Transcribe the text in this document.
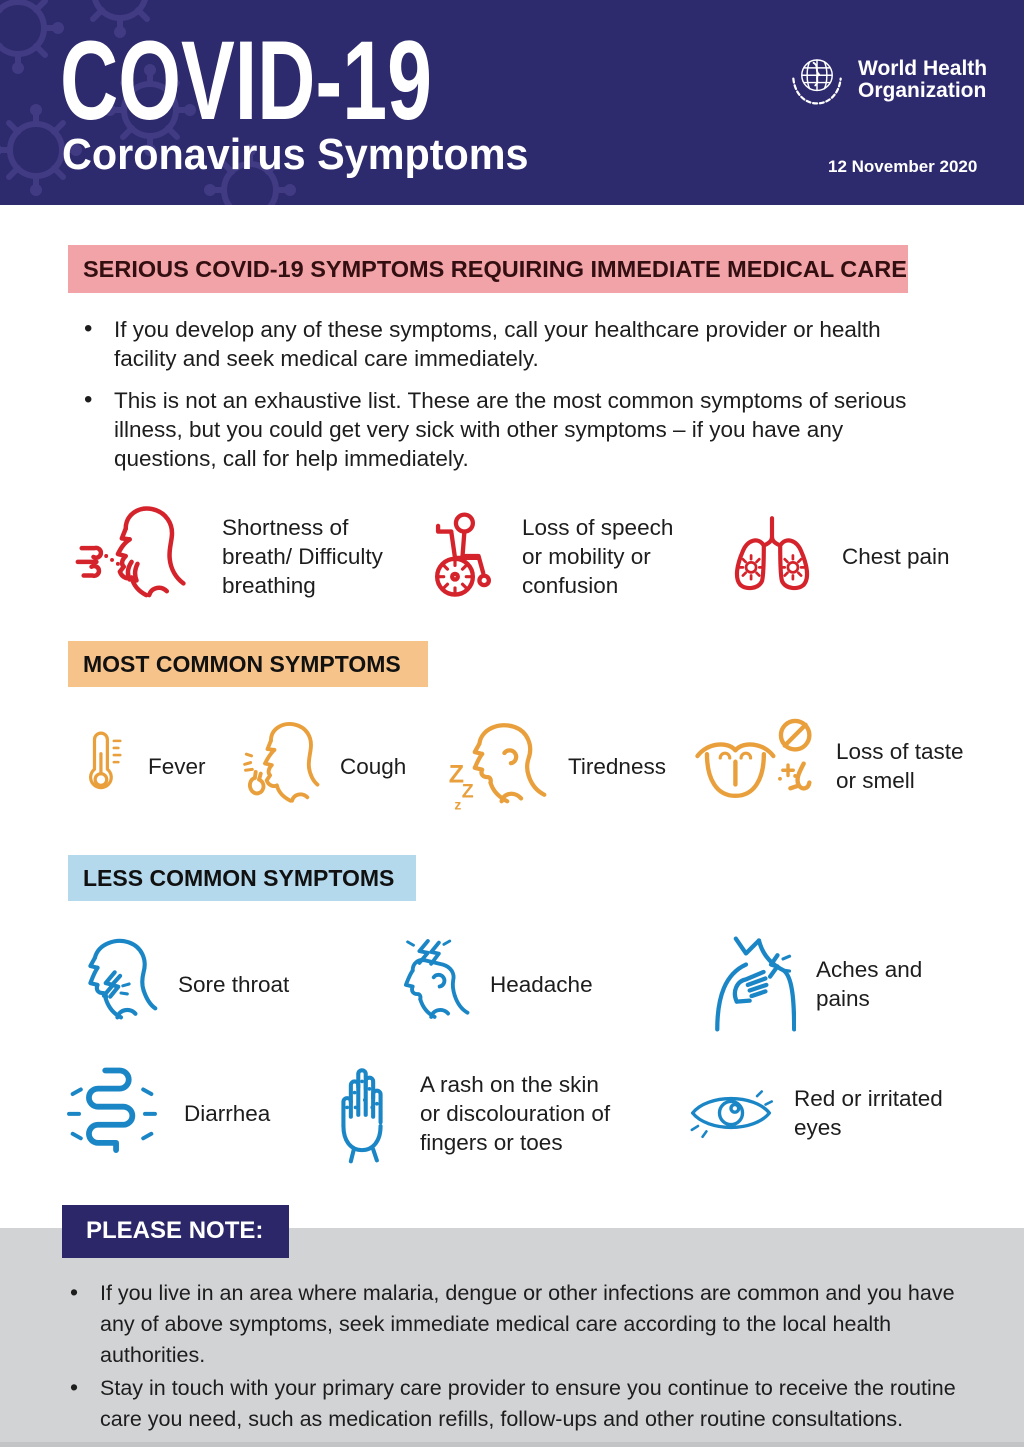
COVID-19
Coronavirus Symptoms
World Health
Organization
12 November 2020
SERIOUS COVID-19 SYMPTOMS REQUIRING IMMEDIATE MEDICAL CARE
• If you develop any of these symptoms, call your healthcare provider or health facility and seek medical care immediately.
• This is not an exhaustive list. These are the most common symptoms of serious illness, but you could get very sick with other symptoms – if you have any questions, call for help immediately.
Shortness of breath/ Difficulty breathing
Loss of speech or mobility or confusion
Chest pain
MOST COMMON SYMPTOMS
Fever	Cough Z
Z
z
Tiredness
Loss of taste or smell
LESS COMMON SYMPTOMS
Sore throat	Headache
Aches and pains
Diarrhea
A rash on the skin or discolouration of fingers or toes
Red or irritated eyes
PLEASE NOTE:
• If you live in an area where malaria, dengue or other infections are common and you have any of above symptoms, seek immediate medical care according to the local health authorities.
• Stay in touch with your primary care provider to ensure you continue to receive the routine care you need, such as medication refills, follow-ups and other routine consultations.
